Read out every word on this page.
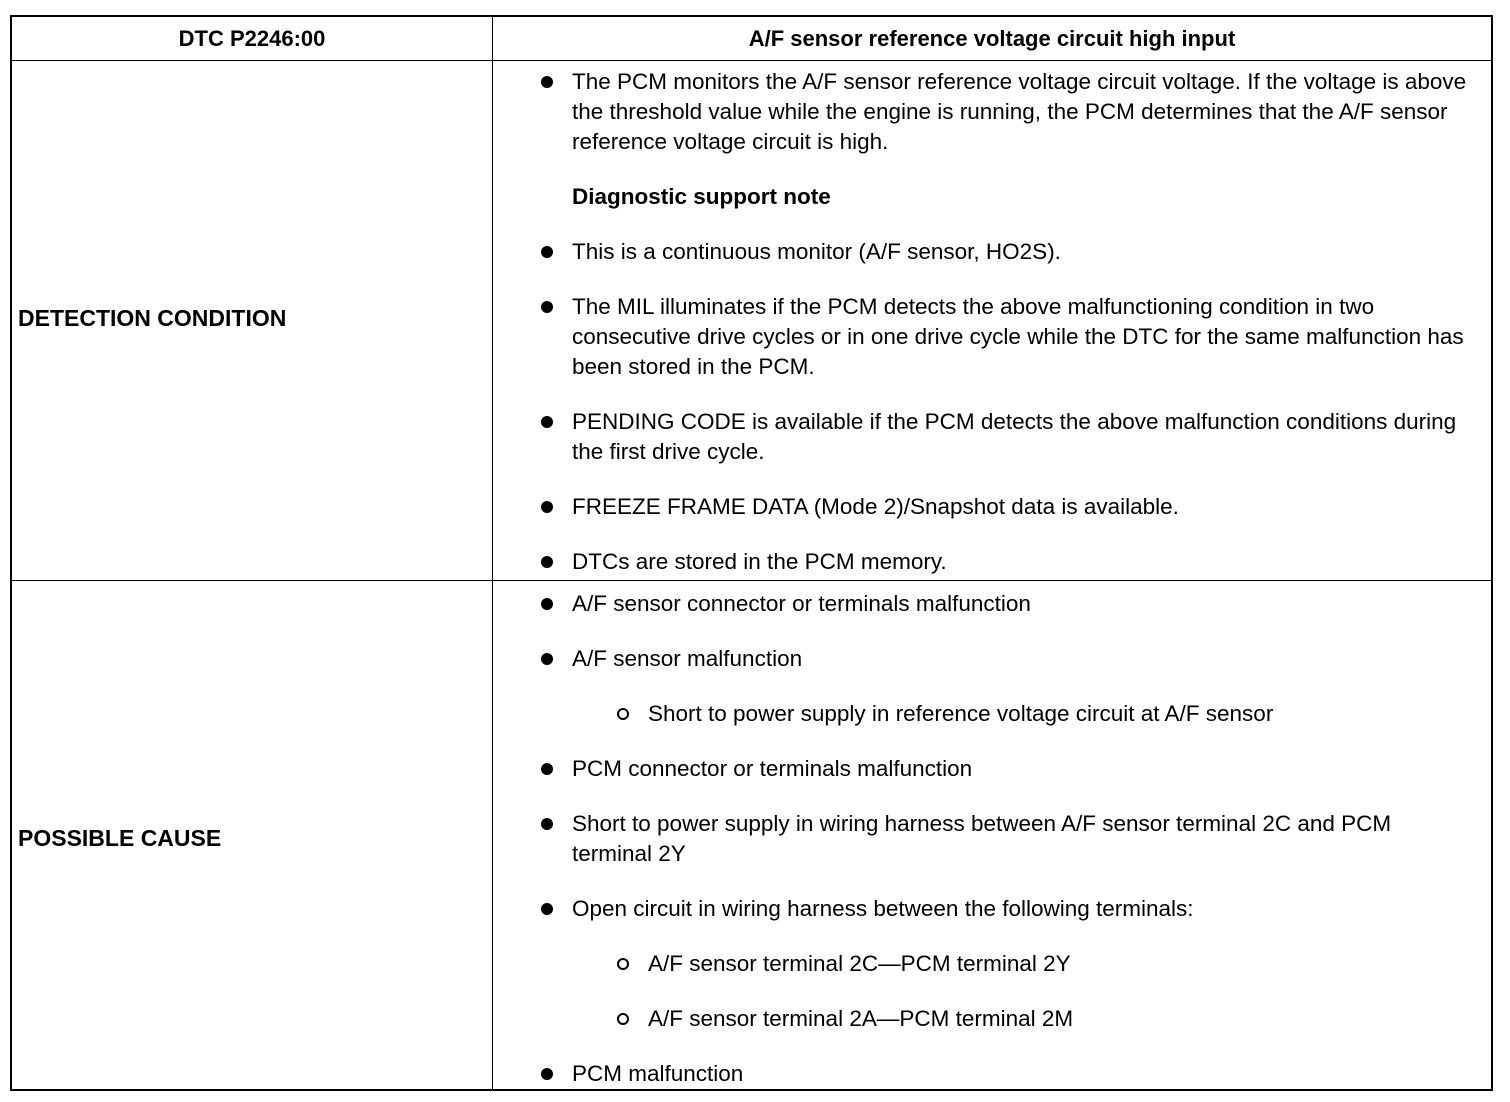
DTC P2246:00	A/F sensor reference voltage circuit high input
DETECTION CONDITION

The PCM monitors the A/F sensor reference voltage circuit voltage. If the voltage is above the threshold value while the engine is running, the PCM determines that the A/F sensor reference voltage circuit is high.

Diagnostic support note

This is a continuous monitor (A/F sensor, HO2S).

The MIL illuminates if the PCM detects the above malfunctioning condition in two consecutive drive cycles or in one drive cycle while the DTC for the same malfunction has been stored in the PCM.

PENDING CODE is available if the PCM detects the above malfunction conditions during the first drive cycle.

FREEZE FRAME DATA (Mode 2)/Snapshot data is available.

DTCs are stored in the PCM memory.

POSSIBLE CAUSE

A/F sensor connector or terminals malfunction

A/F sensor malfunction

Short to power supply in reference voltage circuit at A/F sensor

PCM connector or terminals malfunction

Short to power supply in wiring harness between A/F sensor terminal 2C and PCM terminal 2Y

Open circuit in wiring harness between the following terminals:

A/F sensor terminal 2C—PCM terminal 2Y

A/F sensor terminal 2A—PCM terminal 2M

PCM malfunction
